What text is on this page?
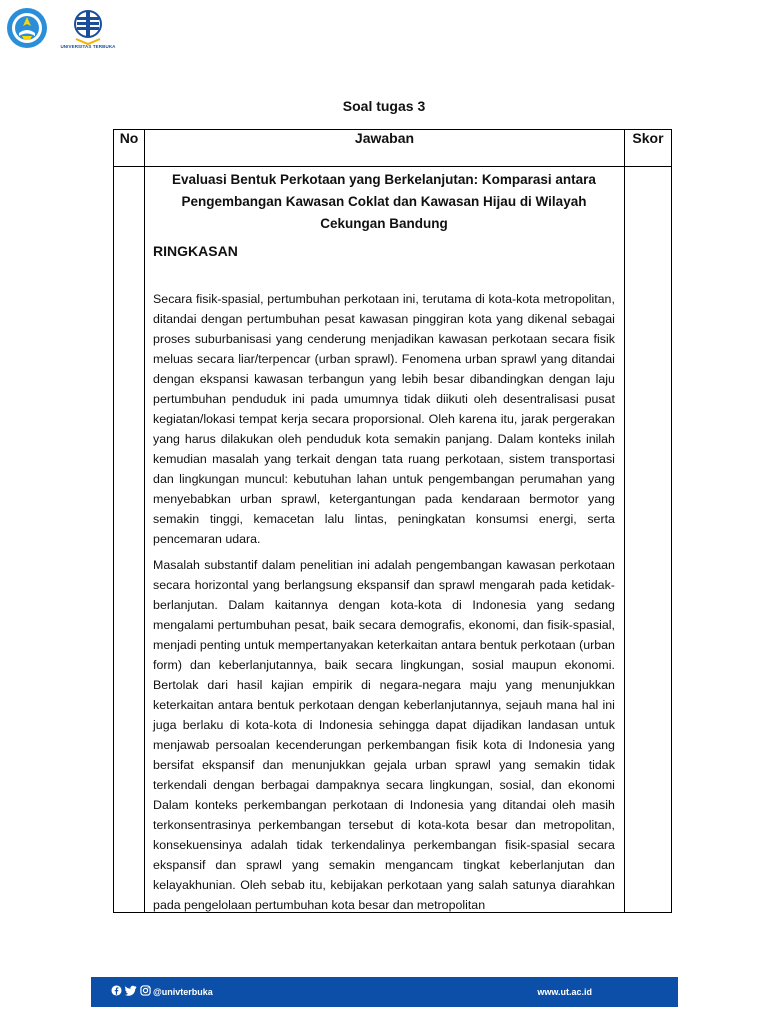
UNIVERSITAS TERBUKA
Soal tugas 3
No	Jawaban	Skor

	Evaluasi Bentuk Perkotaan yang Berkelanjutan: Komparasi antara Pengembangan Kawasan Coklat dan Kawasan Hijau di Wilayah Cekungan Bandung
RINGKASAN

Secara fisik-spasial, pertumbuhan perkotaan ini, terutama di kota-kota metropolitan, ditandai dengan pertumbuhan pesat kawasan pinggiran kota yang dikenal sebagai proses suburbanisasi yang cenderung menjadikan kawasan perkotaan secara fisik meluas secara liar/terpencar (urban sprawl). Fenomena urban sprawl yang ditandai dengan ekspansi kawasan terbangun yang lebih besar dibandingkan dengan laju pertumbuhan penduduk ini pada umumnya tidak diikuti oleh desentralisasi pusat kegiatan/lokasi tempat kerja secara proporsional. Oleh karena itu, jarak pergerakan yang harus dilakukan oleh penduduk kota semakin panjang. Dalam konteks inilah kemudian masalah yang terkait dengan tata ruang perkotaan, sistem transportasi dan lingkungan muncul: kebutuhan lahan untuk pengembangan perumahan yang menyebabkan urban sprawl, ketergantungan pada kendaraan bermotor yang semakin tinggi, kemacetan lalu lintas, peningkatan konsumsi energi, serta pencemaran udara.

Masalah substantif dalam penelitian ini adalah pengembangan kawasan perkotaan secara horizontal yang berlangsung ekspansif dan sprawl mengarah pada ketidak-berlanjutan. Dalam kaitannya dengan kota-kota di Indonesia yang sedang mengalami pertumbuhan pesat, baik secara demografis, ekonomi, dan fisik-spasial, menjadi penting untuk mempertanyakan keterkaitan antara bentuk perkotaan (urban form) dan keberlanjutannya, baik secara lingkungan, sosial maupun ekonomi. Bertolak dari hasil kajian empirik di negara-negara maju yang menunjukkan keterkaitan antara bentuk perkotaan dengan keberlanjutannya, sejauh mana hal ini juga berlaku di kota-kota di Indonesia sehingga dapat dijadikan landasan untuk menjawab persoalan kecenderungan perkembangan fisik kota di Indonesia yang bersifat ekspansif dan menunjukkan gejala urban sprawl yang semakin tidak terkendali dengan berbagai dampaknya secara lingkungan, sosial, dan ekonomi Dalam konteks perkembangan perkotaan di Indonesia yang ditandai oleh masih terkonsentrasinya perkembangan tersebut di kota-kota besar dan metropolitan, konsekuensinya adalah tidak terkendalinya perkembangan fisik-spasial secara ekspansif dan sprawl yang semakin mengancam tingkat keberlanjutan dan kelayakhunian. Oleh sebab itu, kebijakan perkotaan yang salah satunya diarahkan pada pengelolaan pertumbuhan kota besar dan metropolitan	

@univterbuka	www.ut.ac.id
